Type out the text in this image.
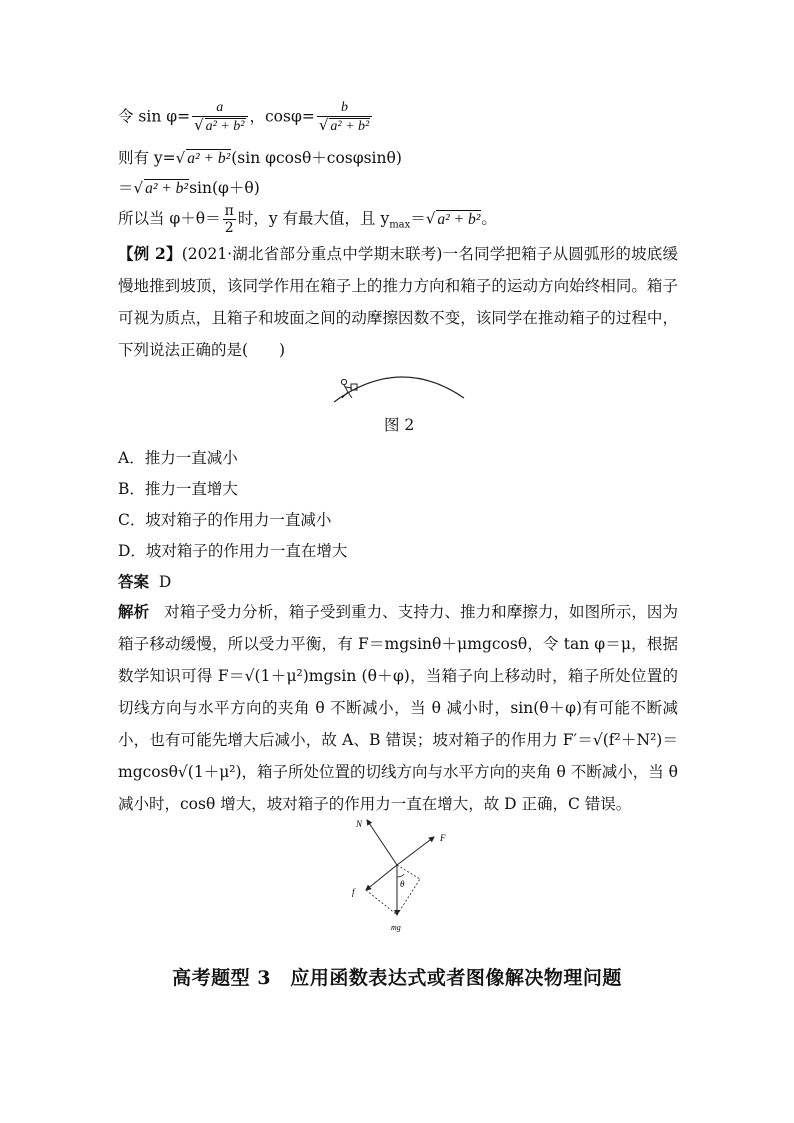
令 $\sin \varphi= \frac{a}{\text{√ a² + b²}}$ ，$\cos\varphi= \frac{b}{\text{√ a² + b²}}$
则有 y=√ a² + b²(sin φcosθ＋cosφsinθ)
＝√ a² + b²sin(φ＋θ)
所以当 $\varphi+\theta= \frac{\pi}{2}$ 时，y 有最大值，且 $y_{max}=√$ a² + b²。
【例 2】(2021·湖北省部分重点中学期末联考)一名同学把箱子从圆弧形的坡底缓慢地推到坡顶，该同学作用在箱子上的推力方向和箱子的运动方向始终相同。箱子可视为质点，且箱子和坡面之间的动摩擦因数不变，该同学在推动箱子的过程中，下列说法正确的是(　　)
图 2
A．推力一直减小
B．推力一直增大
C．坡对箱子的作用力一直减小
D．坡对箱子的作用力一直在增大
答案 D
解析 对箱子受力分析，箱子受到重力、支持力、推力和摩擦力，如图所示，因为箱子移动缓慢，所以受力平衡，有 F＝mgsinθ＋μmgcosθ，令 tan φ＝μ，根据数学知识可得 F＝√(1＋μ²)mgsin (θ＋φ)，当箱子向上移动时，箱子所处位置的切线方向与水平方向的夹角 θ 不断减小，当 θ 减小时，sin(θ＋φ)有可能不断减小，也有可能先增大后减小，故 A、B 错误；坡对箱子的作用力 F′＝√(f²＋N²)＝mgcosθ√(1＋μ²)，箱子所处位置的切线方向与水平方向的夹角 θ 不断减小，当 θ 减小时，cosθ 增大，坡对箱子的作用力一直在增大，故 D 正确，C 错误。
N
F
f
mg
θ
高考题型 3　应用函数表达式或者图像解决物理问题
